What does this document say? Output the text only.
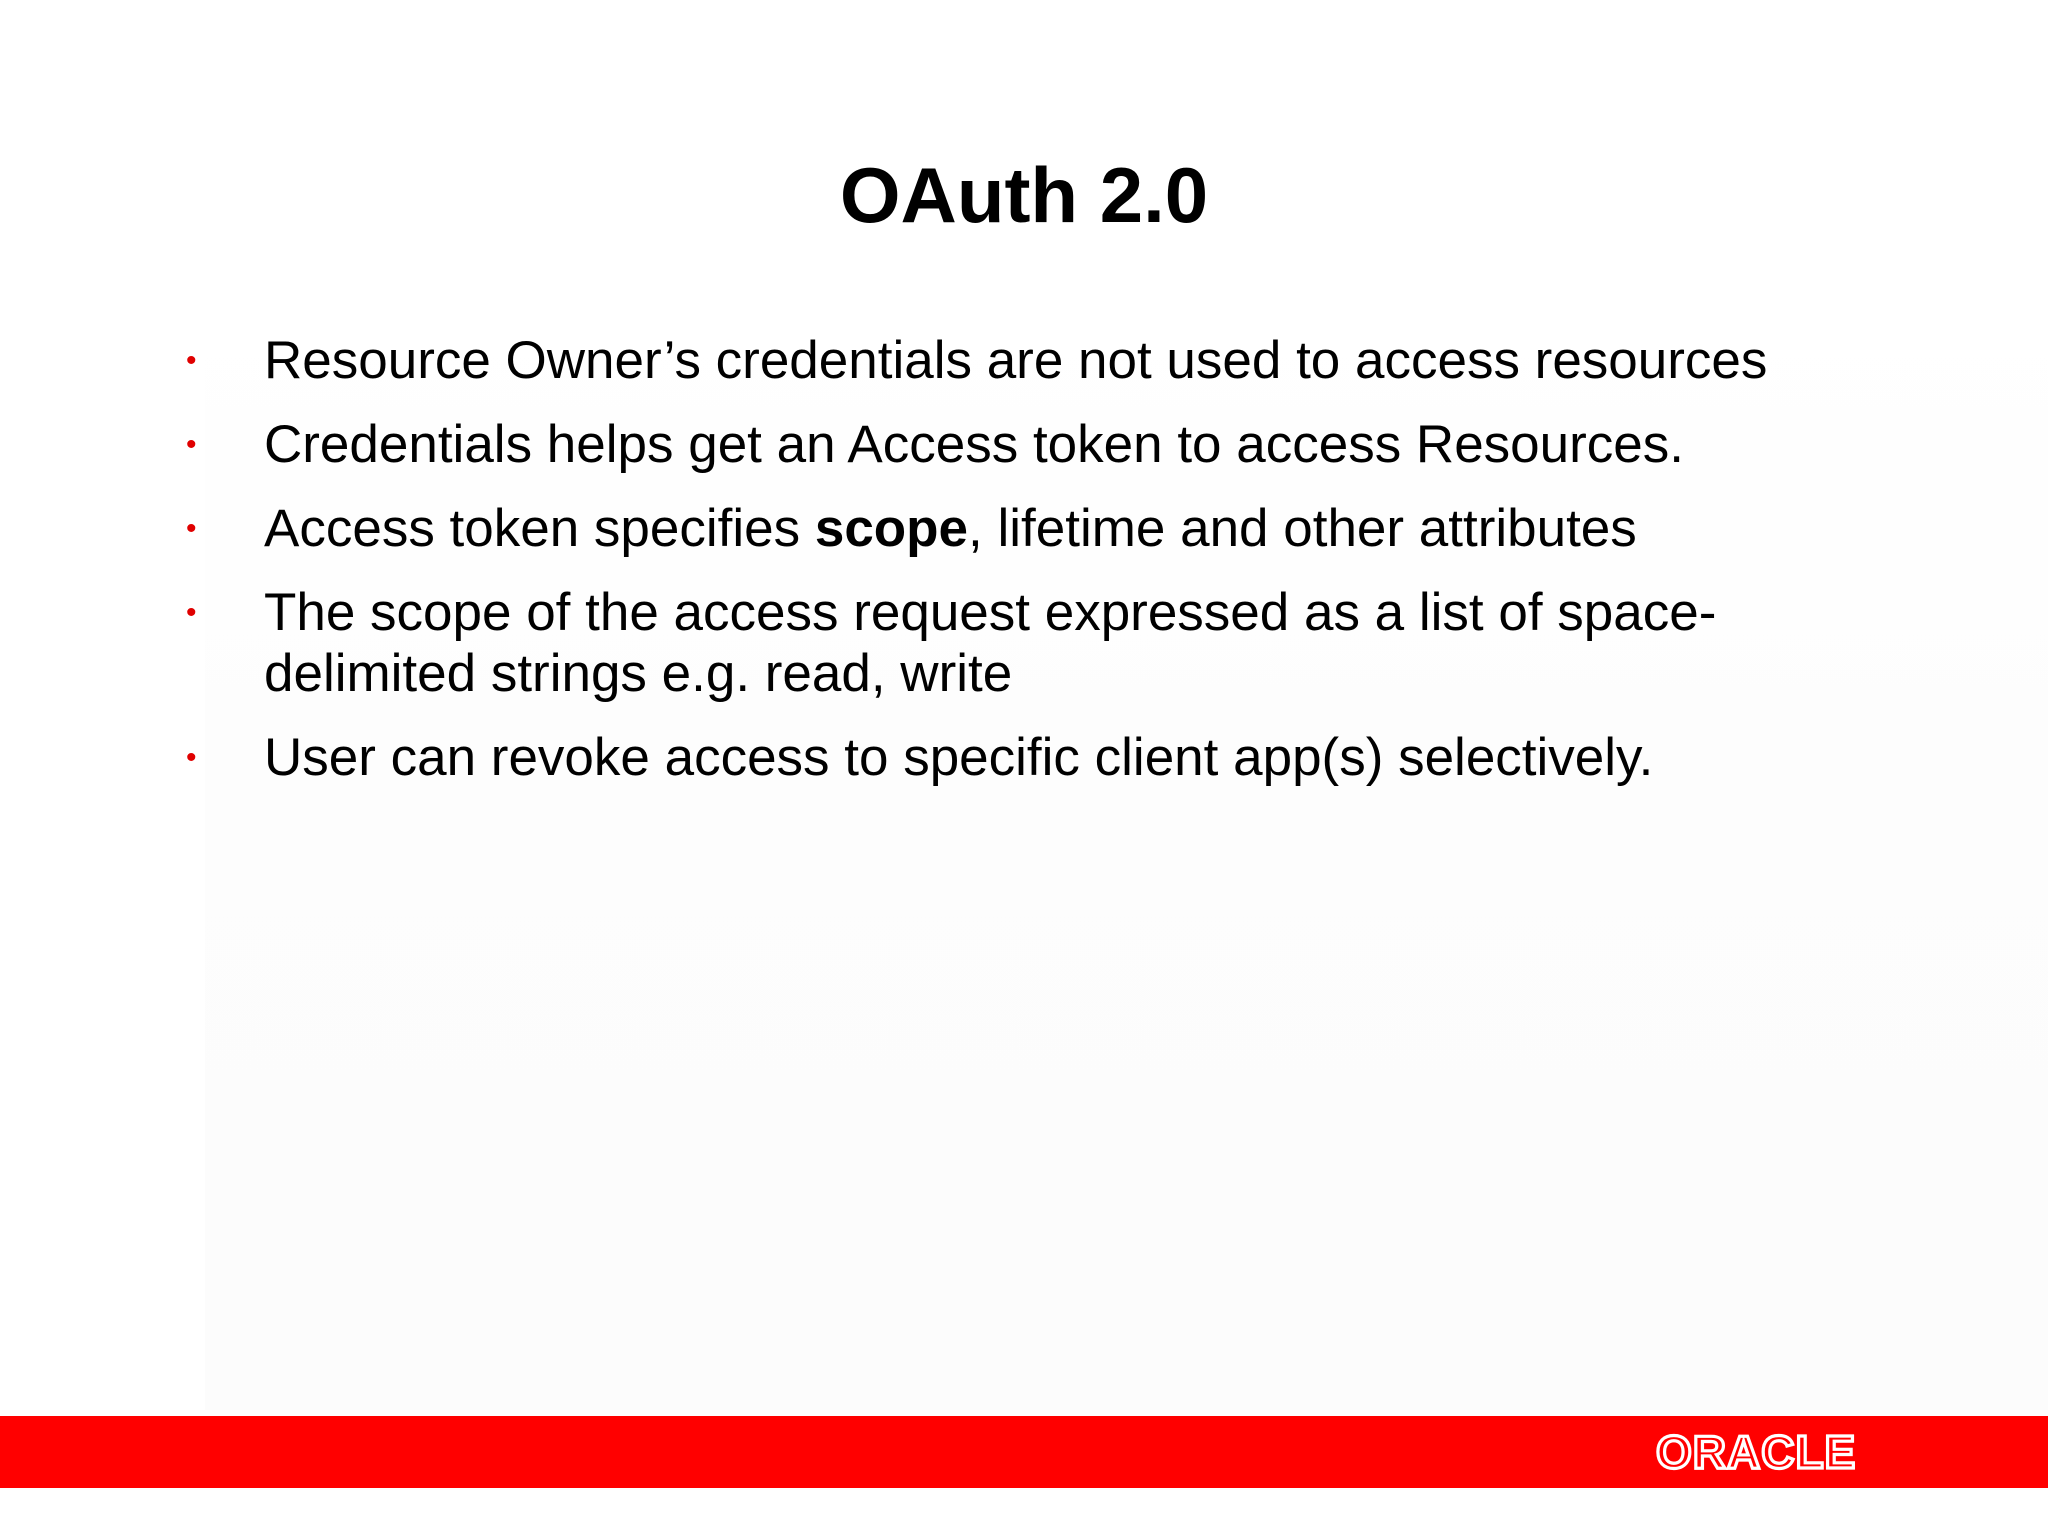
OAuth 2.0
• Resource Owner’s credentials are not used to access resources
• Credentials helps get an Access token to access Resources.
• Access token specifies scope, lifetime and other attributes
• The scope of the access request expressed as a list of space-delimited strings e.g. read, write
• User can revoke access to specific client app(s) selectively.
ORACLE
